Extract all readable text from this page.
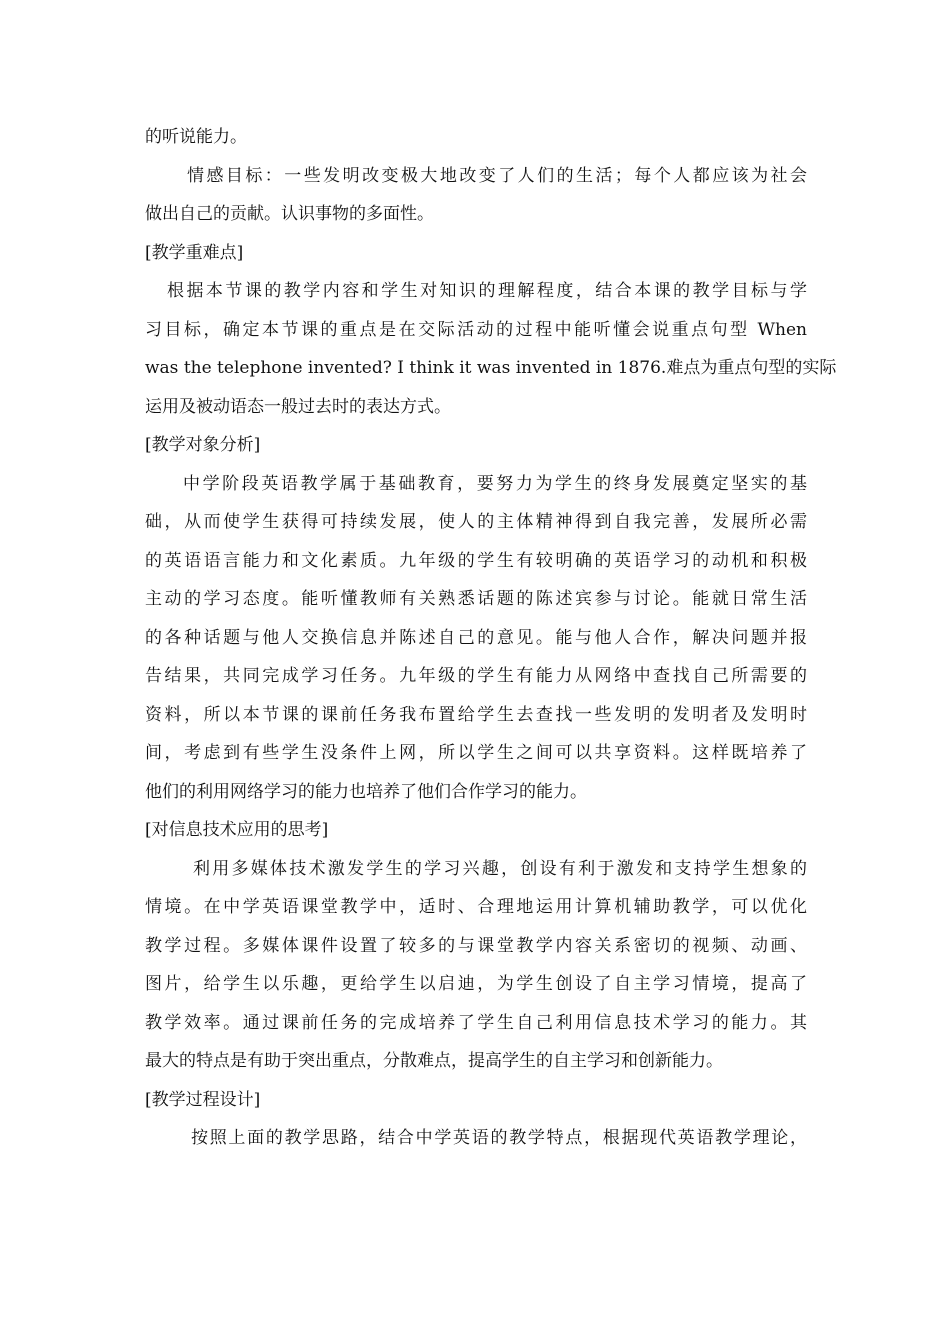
的听说能力。
情感目标：一些发明改变极大地改变了人们的生活；每个人都应该为社会
做出自己的贡献。认识事物的多面性。
[教学重难点]
根据本节课的教学内容和学生对知识的理解程度，结合本课的教学目标与学
习目标，确定本节课的重点是在交际活动的过程中能听懂会说重点句型 When
was the telephone invented? I think it was invented in 1876.难点为重点句型的实际
运用及被动语态一般过去时的表达方式。
[教学对象分析]
中学阶段英语教学属于基础教育，要努力为学生的终身发展奠定坚实的基
础，从而使学生获得可持续发展，使人的主体精神得到自我完善，发展所必需
的英语语言能力和文化素质。九年级的学生有较明确的英语学习的动机和积极
主动的学习态度。能听懂教师有关熟悉话题的陈述宾参与讨论。能就日常生活
的各种话题与他人交换信息并陈述自己的意见。能与他人合作，解决问题并报
告结果，共同完成学习任务。九年级的学生有能力从网络中查找自己所需要的
资料，所以本节课的课前任务我布置给学生去查找一些发明的发明者及发明时
间，考虑到有些学生没条件上网，所以学生之间可以共享资料。这样既培养了
他们的利用网络学习的能力也培养了他们合作学习的能力。
[对信息技术应用的思考]
利用多媒体技术激发学生的学习兴趣，创设有利于激发和支持学生想象的
情境。在中学英语课堂教学中，适时、合理地运用计算机辅助教学，可以优化
教学过程。多媒体课件设置了较多的与课堂教学内容关系密切的视频、动画、
图片，给学生以乐趣，更给学生以启迪，为学生创设了自主学习情境，提高了
教学效率。通过课前任务的完成培养了学生自己利用信息技术学习的能力。其
最大的特点是有助于突出重点，分散难点，提高学生的自主学习和创新能力。
[教学过程设计]
按照上面的教学思路，结合中学英语的教学特点，根据现代英语教学理论，
